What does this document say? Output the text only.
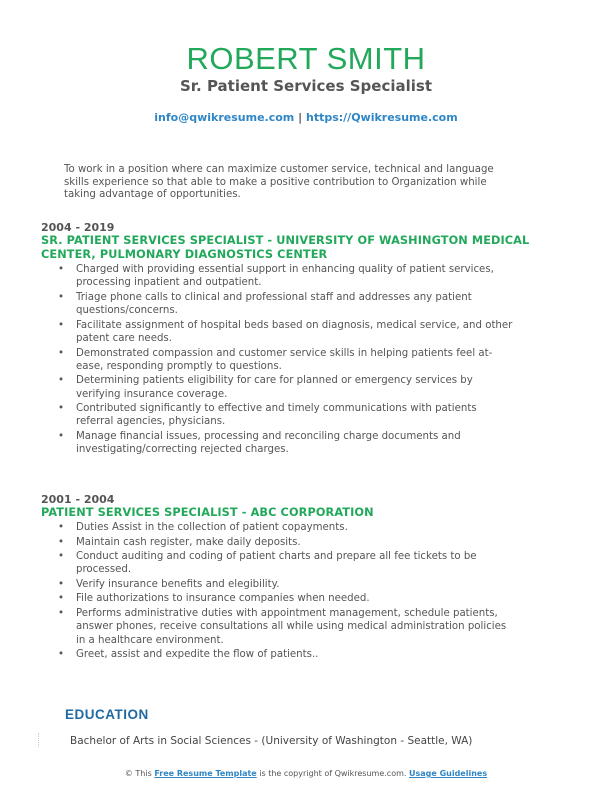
ROBERT SMITH
Sr. Patient Services Specialist
info@qwikresume.com | https://Qwikresume.com
To work in a position where can maximize customer service, technical and language skills experience so that able to make a positive contribution to Organization while taking advantage of opportunities.
2004 - 2019
SR. PATIENT SERVICES SPECIALIST - UNIVERSITY OF WASHINGTON MEDICAL CENTER, PULMONARY DIAGNOSTICS CENTER
• Charged with providing essential support in enhancing quality of patient services, processing inpatient and outpatient.
• Triage phone calls to clinical and professional staff and addresses any patient questions/concerns.
• Facilitate assignment of hospital beds based on diagnosis, medical service, and other patent care needs.
• Demonstrated compassion and customer service skills in helping patients feel at-ease, responding promptly to questions.
• Determining patients eligibility for care for planned or emergency services by verifying insurance coverage.
• Contributed significantly to effective and timely communications with patients referral agencies, physicians.
• Manage financial issues, processing and reconciling charge documents and investigating/correcting rejected charges.
2001 - 2004
PATIENT SERVICES SPECIALIST - ABC CORPORATION
• Duties Assist in the collection of patient copayments.
• Maintain cash register, make daily deposits.
• Conduct auditing and coding of patient charts and prepare all fee tickets to be processed.
• Verify insurance benefits and elegibility.
• File authorizations to insurance companies when needed.
• Performs administrative duties with appointment management, schedule patients, answer phones, receive consultations all while using medical administration policies in a healthcare environment.
• Greet, assist and expedite the flow of patients..
EDUCATION
Bachelor of Arts in Social Sciences - (University of Washington - Seattle, WA)
© This Free Resume Template is the copyright of Qwikresume.com. Usage Guidelines
